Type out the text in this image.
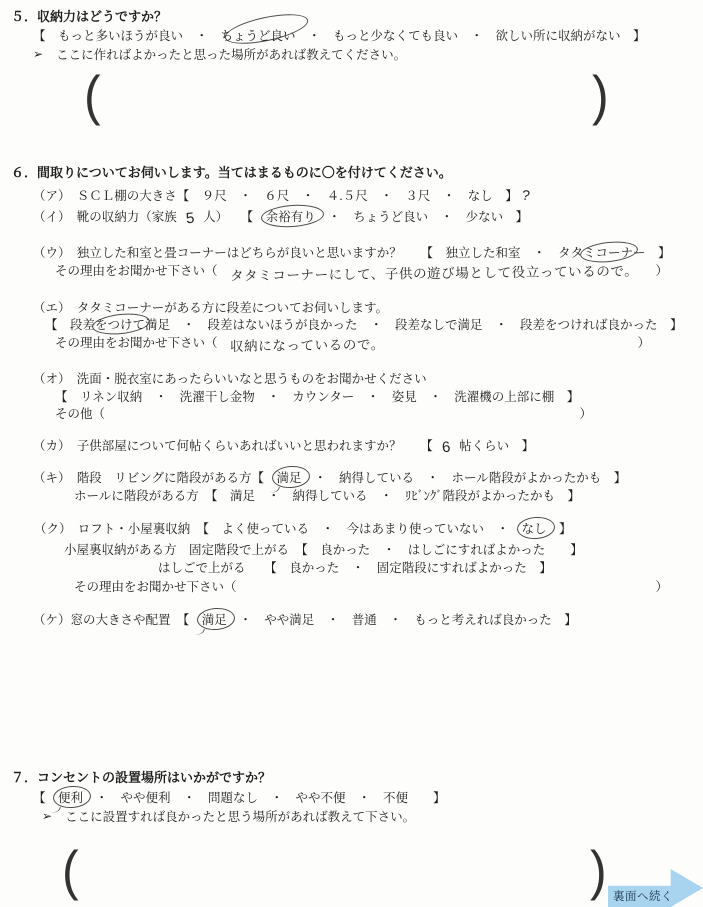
５．収納力はどうですか？
【　もっと多いほうが良い　・　ちょうど良い　・　もっと少なくても良い　・　欲しい所に収納がない　】
➢ ここに作ればよかったと思った場所があれば教えてください。
(	)
６．間取りについてお伺いします。当てはまるものに〇を付けてください。
（ア）　ＳＣＬ棚の大きさ【　９尺　・　６尺　・　４.５尺　・　３尺　・　なし　】 ?
（イ）　靴の収納力（家族 5 人）　　【　余裕有り　・　ちょうど良い　・　少ない　】
（ウ）　独立した和室と畳コーナーはどちらが良いと思いますか？　　【　独立した和室　・　タタミコーナー　】
その理由をお聞かせ下さい（ タタミコーナーにして、子供の遊び場として役立っているので。 ）
（エ）　タタミコーナーがある方に段差についてお伺いします。
【　段差をつけて満足　・　段差はないほうが良かった　・　段差なしで満足　・　段差をつければ良かった　】
その理由をお聞かせ下さい（ 収納になっているので。	）
（オ）　洗面・脱衣室にあったらいいなと思うものをお聞かせください
【　リネン収納　・　洗濯干し金物　・　カウンター　・　姿見　・　洗濯機の上部に棚　】
その他（	）
（カ）　子供部屋について何帖くらいあればいいと思われますか？　　【 6 帖くらい　】
（キ）　階段　リビングに階段がある方【　満足　・　納得している　・　ホール階段がよかったかも　】
ホールに階段がある方　【　満足　・　納得している　・　ﾘﾋﾞﾝｸﾞ階段がよかったかも　】
（ク）　ロフト・小屋裏収納　【　よく使っている　・　今はあまり使っていない　・　なし　】
小屋裏収納がある方　固定階段で上がる　【　良かった　・　はしごにすればよかった　　】
はしごで上がる　　【　良かった　・　固定階段にすればよかった　】
その理由をお聞かせ下さい（	）
（ケ）窓の大きさや配置　【　満足　・　やや満足　・　普通　・　もっと考えれば良かった　】
７．コンセントの設置場所はいかがですか？
【　便利　・　やや便利　・　問題なし　・　やや不便　・　不便　　】
➢ ここに設置すれば良かったと思う場所があれば教えて下さい。
(	) 裏面へ続く
